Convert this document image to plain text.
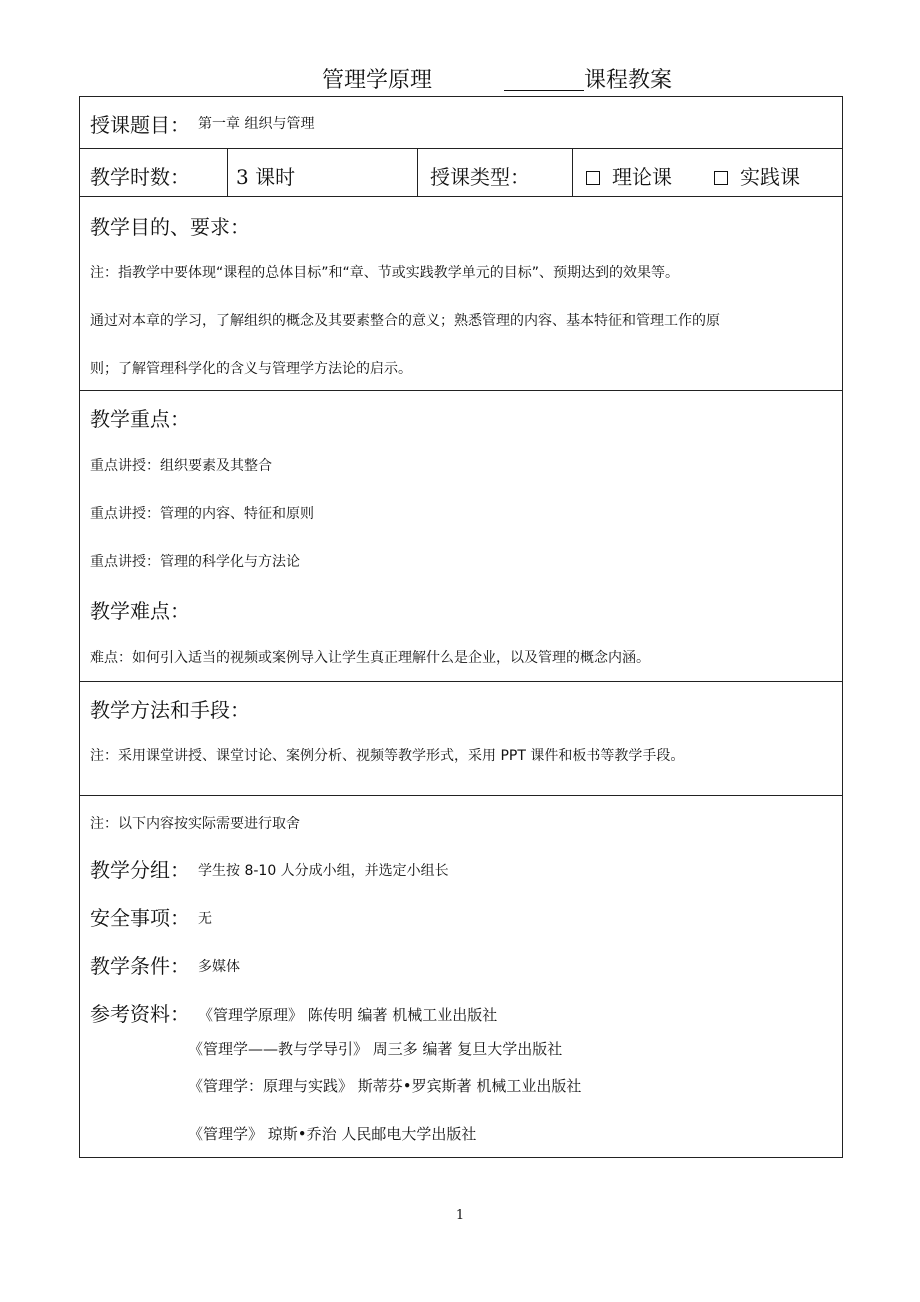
管理学原理	课程教案
授课题目： 第一章 组织与管理
教学时数： 3 课时	授课类型：	理论课	实践课
教学目的、要求：
注：指教学中要体现“课程的总体目标”和“章、节或实践教学单元的目标”、预期达到的效果等。
通过对本章的学习，了解组织的概念及其要素整合的意义；熟悉管理的内容、基本特征和管理工作的原
则；了解管理科学化的含义与管理学方法论的启示。
教学重点：
重点讲授：组织要素及其整合
重点讲授：管理的内容、特征和原则
重点讲授：管理的科学化与方法论
教学难点：
难点：如何引入适当的视频或案例导入让学生真正理解什么是企业，以及管理的概念内涵。
教学方法和手段：
注：采用课堂讲授、课堂讨论、案例分析、视频等教学形式，采用 PPT 课件和板书等教学手段。
注：以下内容按实际需要进行取舍
教学分组： 学生按 8-10 人分成小组，并选定小组长
安全事项： 无
教学条件： 多媒体
参考资料： 《管理学原理》 陈传明 编著 机械工业出版社
《管理学——教与学导引》 周三多 编著 复旦大学出版社
《管理学：原理与实践》 斯蒂芬•罗宾斯著 机械工业出版社
《管理学》 琼斯•乔治 人民邮电大学出版社
1
